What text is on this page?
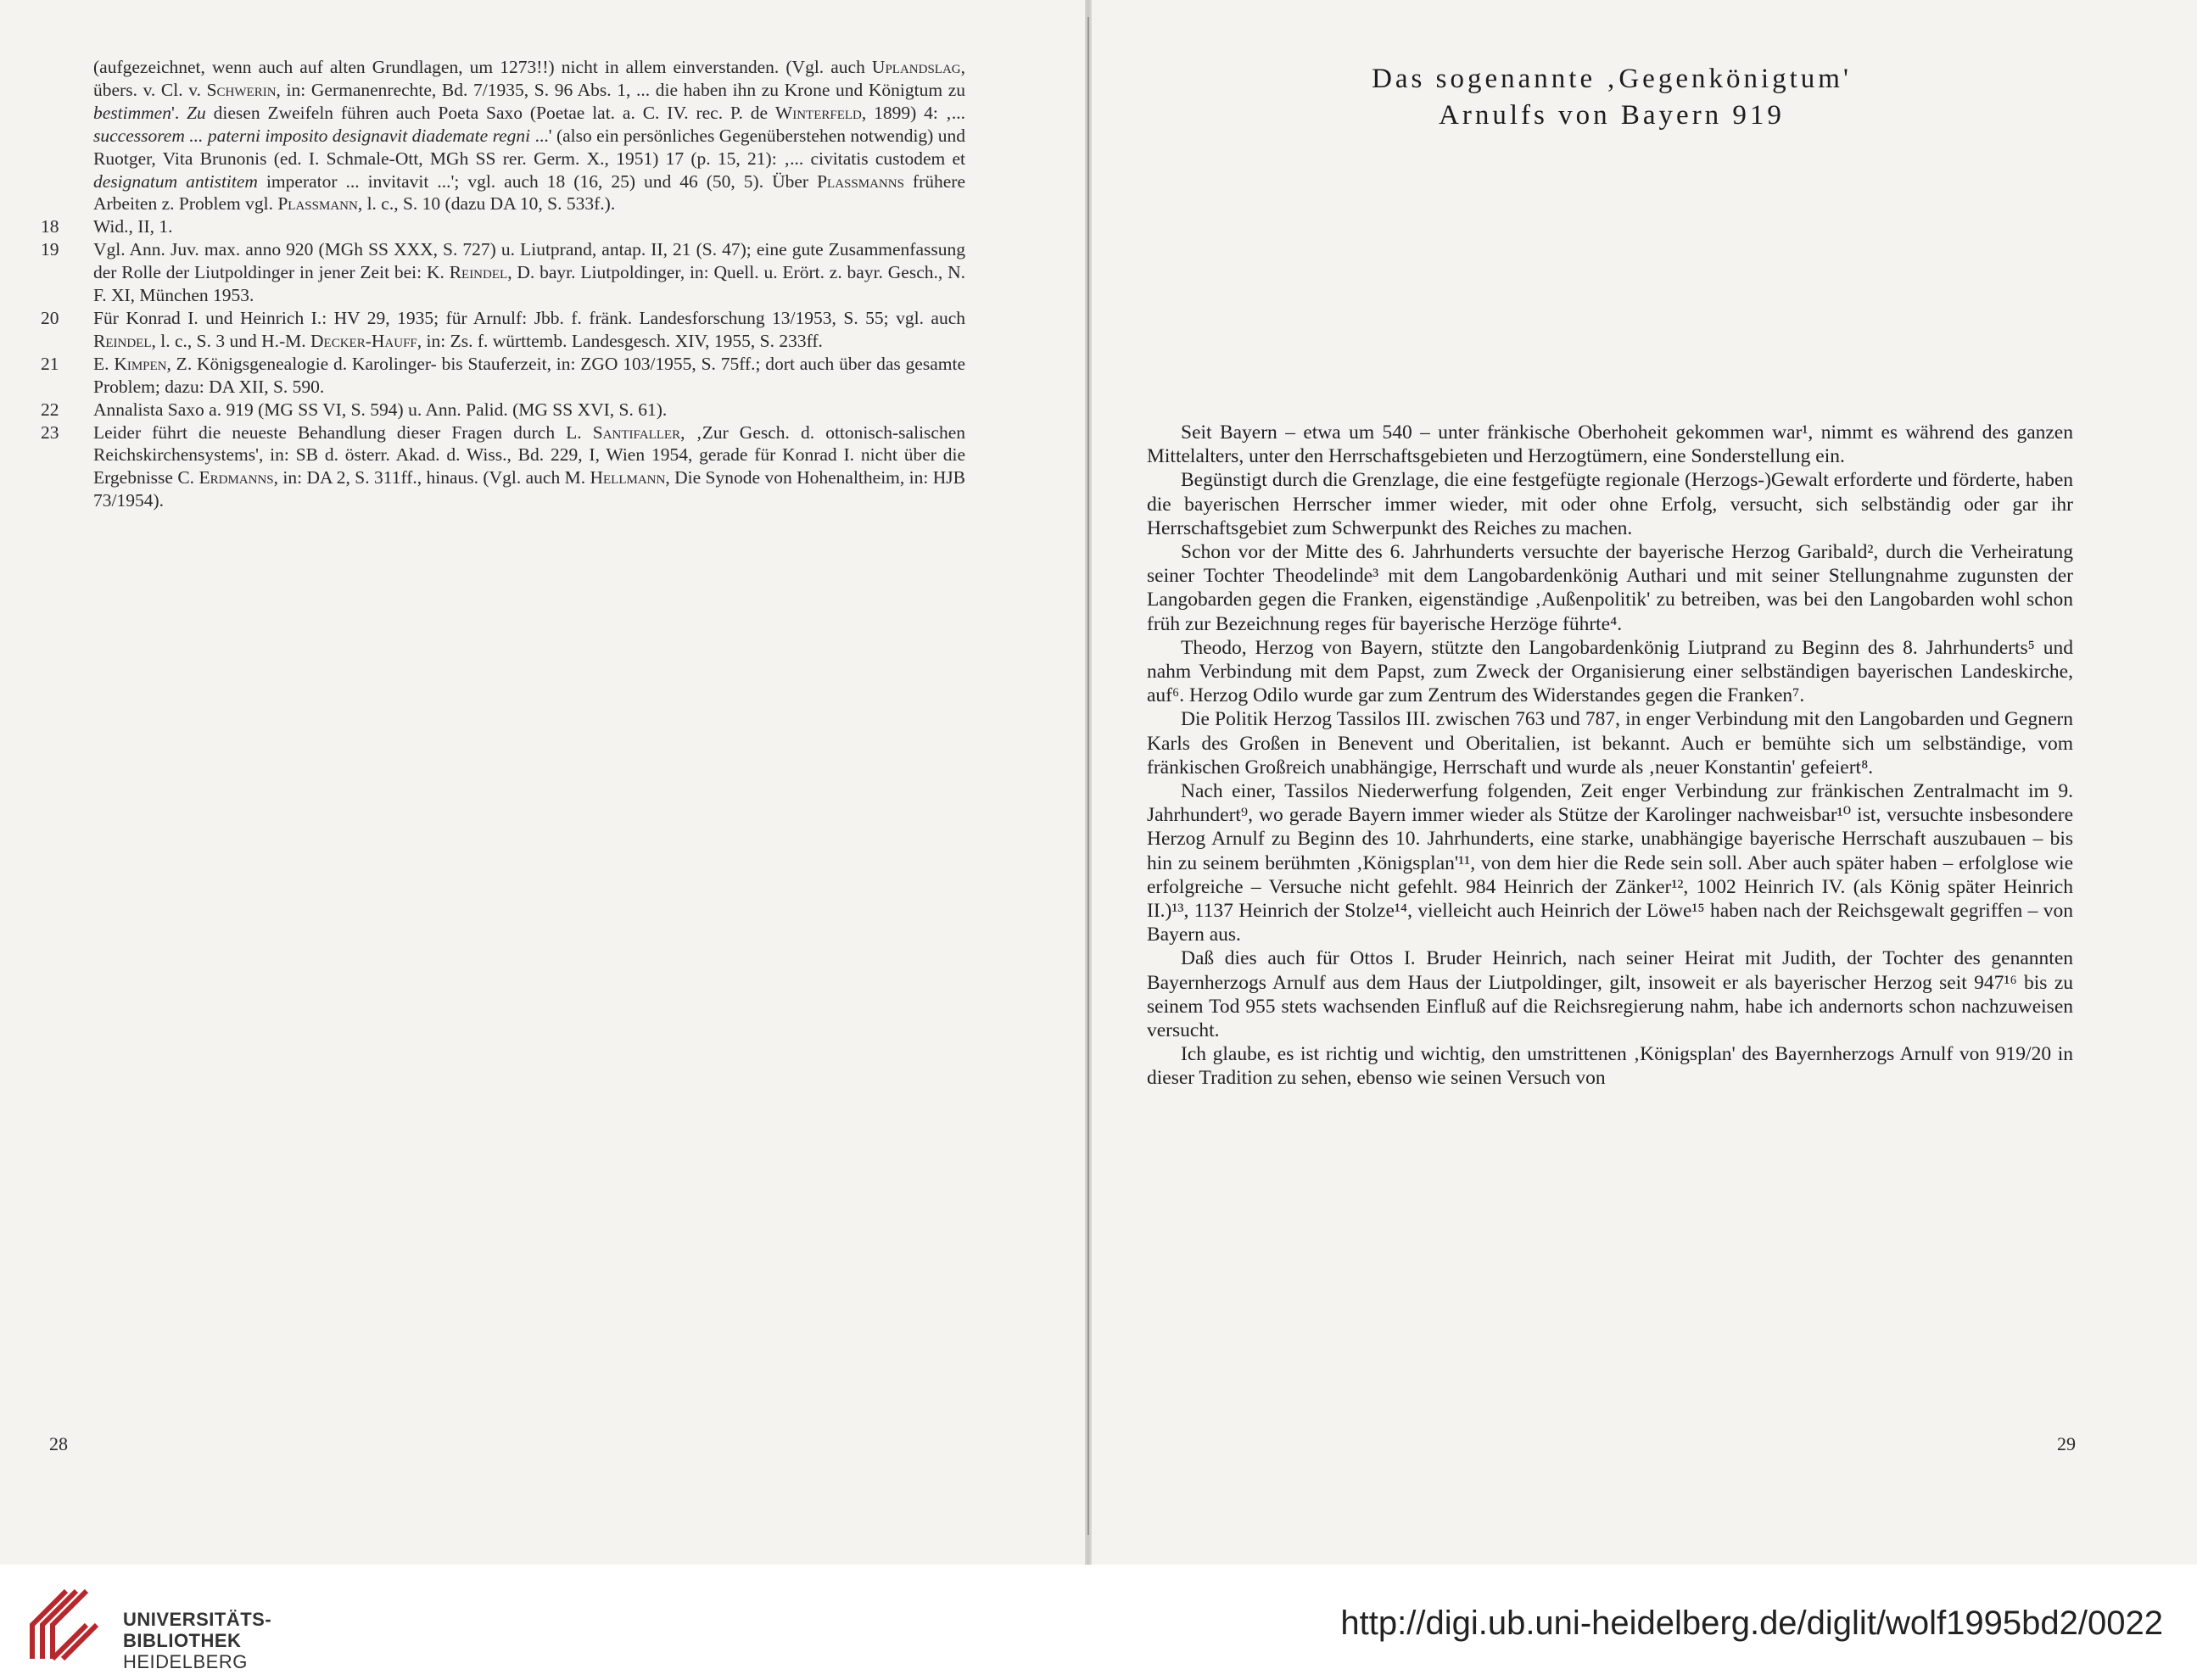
(aufgezeichnet, wenn auch auf alten Grundlagen, um 1273!!) nicht in allem einverstanden. (Vgl. auch Uplandslag, übers. v. Cl. v. Schwerin, in: Germanenrechte, Bd. 7/1935, S. 96 Abs. 1, ... die haben ihn zu Krone und Königtum zu bestimmen'. Zu diesen Zweifeln führen auch Poeta Saxo (Poetae lat. a. C. IV. rec. P. de Winterfeld, 1899) 4: ‚... successorem ... paterni imposito designavit diademate regni ...' (also ein persönliches Gegenüberstehen notwendig) und Ruotger, Vita Brunonis (ed. I. Schmale-Ott, MGh SS rer. Germ. X., 1951) 17 (p. 15, 21): ‚... civitatis custodem et designatum antistitem imperator ... invitavit ...'; vgl. auch 18 (16, 25) und 46 (50, 5). Über Plassmanns frühere Arbeiten z. Problem vgl. Plassmann, l. c., S. 10 (dazu DA 10, S. 533f.).
18	Wid., II, 1.
19	Vgl. Ann. Juv. max. anno 920 (MGh SS XXX, S. 727) u. Liutprand, antap. II, 21 (S. 47); eine gute Zusammenfassung der Rolle der Liutpoldinger in jener Zeit bei: K. Reindel, D. bayr. Liutpoldinger, in: Quell. u. Erört. z. bayr. Gesch., N. F. XI, München 1953.
20	Für Konrad I. und Heinrich I.: HV 29, 1935; für Arnulf: Jbb. f. fränk. Landesforschung 13/1953, S. 55; vgl. auch Reindel, l. c., S. 3 und H.-M. Decker-Hauff, in: Zs. f. württemb. Landesgesch. XIV, 1955, S. 233ff.
21	E. Kimpen, Z. Königsgenealogie d. Karolinger- bis Stauferzeit, in: ZGO 103/1955, S. 75ff.; dort auch über das gesamte Problem; dazu: DA XII, S. 590.
22	Annalista Saxo a. 919 (MG SS VI, S. 594) u. Ann. Palid. (MG SS XVI, S. 61).
23	Leider führt die neueste Behandlung dieser Fragen durch L. Santifaller, ‚Zur Gesch. d. ottonisch-salischen Reichskirchensystems', in: SB d. österr. Akad. d. Wiss., Bd. 229, I, Wien 1954, gerade für Konrad I. nicht über die Ergebnisse C. Erdmanns, in: DA 2, S. 311ff., hinaus. (Vgl. auch M. Hellmann, Die Synode von Hohenaltheim, in: HJB 73/1954).
28
Das sogenannte ‚Gegenkönigtum'
Arnulfs von Bayern 919

Seit Bayern – etwa um 540 – unter fränkische Oberhoheit gekommen war¹, nimmt es während des ganzen Mittelalters, unter den Herrschaftsgebieten und Herzogtümern, eine Sonderstellung ein.

Begünstigt durch die Grenzlage, die eine festgefügte regionale (Herzogs-)Gewalt erforderte und förderte, haben die bayerischen Herrscher immer wieder, mit oder ohne Erfolg, versucht, sich selbständig oder gar ihr Herrschaftsgebiet zum Schwerpunkt des Reiches zu machen.

Schon vor der Mitte des 6. Jahrhunderts versuchte der bayerische Herzog Garibald², durch die Verheiratung seiner Tochter Theodelinde³ mit dem Langobardenkönig Authari und mit seiner Stellungnahme zugunsten der Langobarden gegen die Franken, eigenständige ‚Außenpolitik' zu betreiben, was bei den Langobarden wohl schon früh zur Bezeichnung reges für bayerische Herzöge führte⁴.

Theodo, Herzog von Bayern, stützte den Langobardenkönig Liutprand zu Beginn des 8. Jahrhunderts⁵ und nahm Verbindung mit dem Papst, zum Zweck der Organisierung einer selbständigen bayerischen Landeskirche, auf⁶. Herzog Odilo wurde gar zum Zentrum des Widerstandes gegen die Franken⁷.

Die Politik Herzog Tassilos III. zwischen 763 und 787, in enger Verbindung mit den Langobarden und Gegnern Karls des Großen in Benevent und Oberitalien, ist bekannt. Auch er bemühte sich um selbständige, vom fränkischen Großreich unabhängige, Herrschaft und wurde als ‚neuer Konstantin' gefeiert⁸.

Nach einer, Tassilos Niederwerfung folgenden, Zeit enger Verbindung zur fränkischen Zentralmacht im 9. Jahrhundert⁹, wo gerade Bayern immer wieder als Stütze der Karolinger nachweisbar¹⁰ ist, versuchte insbesondere Herzog Arnulf zu Beginn des 10. Jahrhunderts, eine starke, unabhängige bayerische Herrschaft auszubauen – bis hin zu seinem berühmten ‚Königsplan'¹¹, von dem hier die Rede sein soll. Aber auch später haben – erfolglose wie erfolgreiche – Versuche nicht gefehlt. 984 Heinrich der Zänker¹², 1002 Heinrich IV. (als König später Heinrich II.)¹³, 1137 Heinrich der Stolze¹⁴, vielleicht auch Heinrich der Löwe¹⁵ haben nach der Reichsgewalt gegriffen – von Bayern aus.

Daß dies auch für Ottos I. Bruder Heinrich, nach seiner Heirat mit Judith, der Tochter des genannten Bayernherzogs Arnulf aus dem Haus der Liutpoldinger, gilt, insoweit er als bayerischer Herzog seit 947¹⁶ bis zu seinem Tod 955 stets wachsenden Einfluß auf die Reichsregierung nahm, habe ich andernorts schon nachzuweisen versucht.

Ich glaube, es ist richtig und wichtig, den umstrittenen ‚Königsplan' des Bayernherzogs Arnulf von 919/20 in dieser Tradition zu sehen, ebenso wie seinen Versuch von

29
UNIVERSITÄTS-
BIBLIOTHEK
HEIDELBERG
http://digi.ub.uni-heidelberg.de/diglit/wolf1995bd2/0022
